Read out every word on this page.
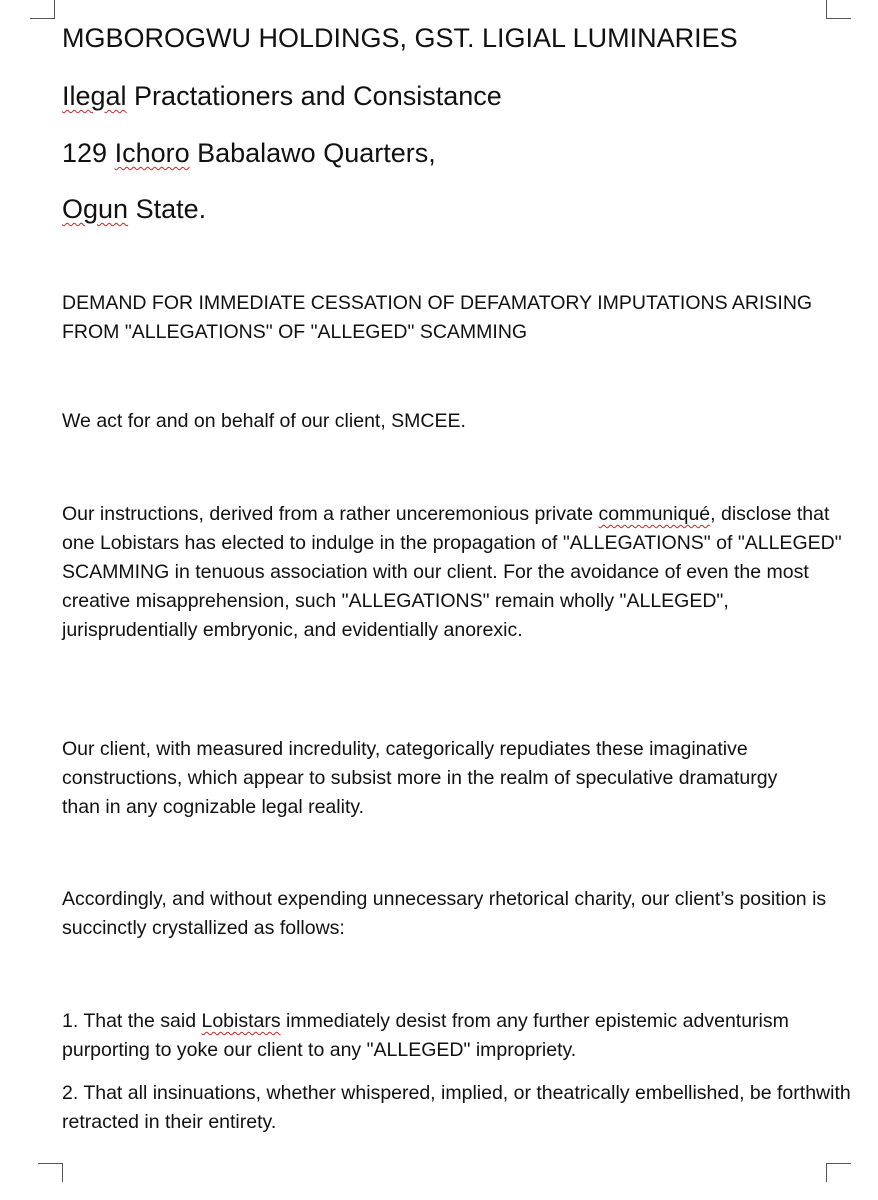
MGBOROGWU HOLDINGS, GST. LIGIAL LUMINARIES
Ilegal Practationers and Consistance
129 Ichoro Babalawo Quarters,
Ogun State.

DEMAND FOR IMMEDIATE CESSATION OF DEFAMATORY IMPUTATIONS ARISING FROM "ALLEGATIONS" OF "ALLEGED" SCAMMING

We act for and on behalf of our client, SMCEE.

Our instructions, derived from a rather unceremonious private communiqué, disclose that one Lobistars has elected to indulge in the propagation of "ALLEGATIONS" of "ALLEGED" SCAMMING in tenuous association with our client. For the avoidance of even the most creative misapprehension, such "ALLEGATIONS" remain wholly "ALLEGED", jurisprudentially embryonic, and evidentially anorexic.

Our client, with measured incredulity, categorically repudiates these imaginative constructions, which appear to subsist more in the realm of speculative dramaturgy than in any cognizable legal reality.

Accordingly, and without expending unnecessary rhetorical charity, our client’s position is succinctly crystallized as follows:

1. That the said Lobistars immediately desist from any further epistemic adventurism purporting to yoke our client to any "ALLEGED" impropriety.

2. That all insinuations, whether whispered, implied, or theatrically embellished, be forthwith retracted in their entirety.
